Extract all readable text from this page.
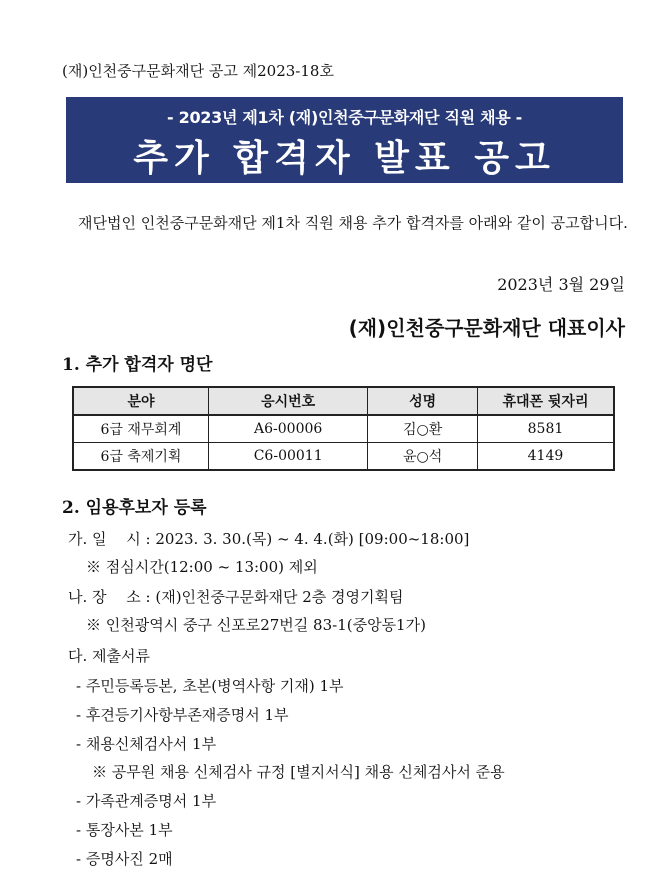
(재)인천중구문화재단 공고 제2023-18호
- 2023년 제1차 (재)인천중구문화재단 직원 채용 -
추가 합격자 발표 공고
재단법인 인천중구문화재단 제1차 직원 채용 추가 합격자를 아래와 같이 공고합니다.
2023년 3월 29일
(재)인천중구문화재단 대표이사
1. 추가 합격자 명단
분야	응시번호	성명	휴대폰 뒷자리
6급 재무회계	A6-00006	김○환	8581
6급 축제기획	C6-00011	윤○석	4149
2. 임용후보자 등록
가. 일　 시 : 2023. 3. 30.(목) ~ 4. 4.(화) [09:00~18:00]
※ 점심시간(12:00 ~ 13:00) 제외
나. 장　 소 : (재)인천중구문화재단 2층 경영기획팀
※ 인천광역시 중구 신포로27번길 83-1(중앙동1가)
다. 제출서류
- 주민등록등본, 초본(병역사항 기재) 1부
- 후견등기사항부존재증명서 1부
- 채용신체검사서 1부
※ 공무원 채용 신체검사 규정 [별지서식] 채용 신체검사서 준용
- 가족관계증명서 1부
- 통장사본 1부
- 증명사진 2매
